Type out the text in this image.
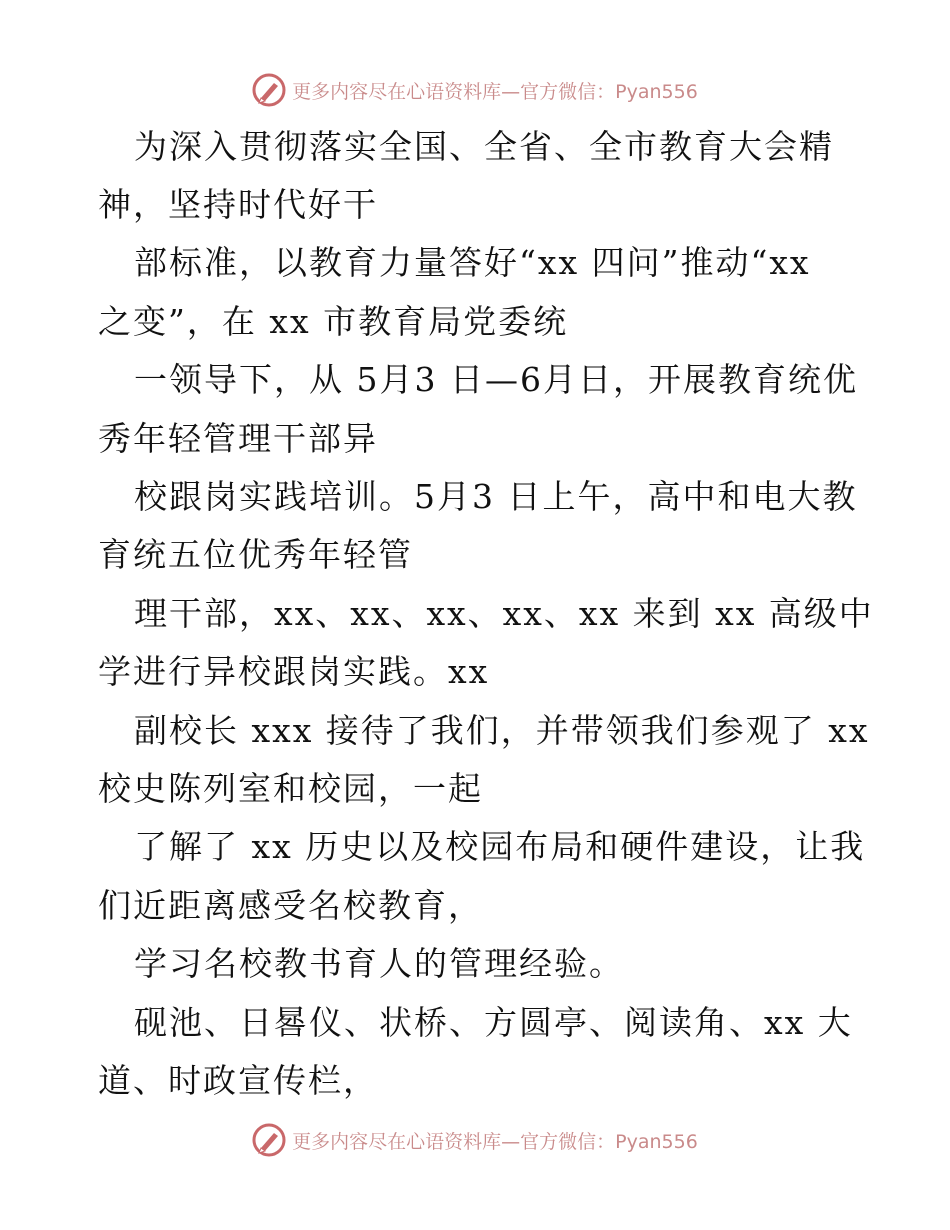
更多内容尽在心语资料库—官方微信：Pyan556
为深入贯彻落实全国、全省、全市教育大会精
神，坚持时代好干
部标准，以教育力量答好“xx 四问”推动“xx
之变”，在 xx 市教育局党委统
一领导下，从 5月3 日—6月日，开展教育统优
秀年轻管理干部异
校跟岗实践培训。5月3 日上午，高中和电大教
育统五位优秀年轻管
理干部，xx、xx、xx、xx、xx 来到 xx 高级中
学进行异校跟岗实践。xx
副校长 xxx 接待了我们，并带领我们参观了 xx
校史陈列室和校园，一起
了解了 xx 历史以及校园布局和硬件建设，让我
们近距离感受名校教育，
学习名校教书育人的管理经验。
砚池、日晷仪、状桥、方圆亭、阅读角、xx 大
道、时政宣传栏，
更多内容尽在心语资料库—官方微信：Pyan556
